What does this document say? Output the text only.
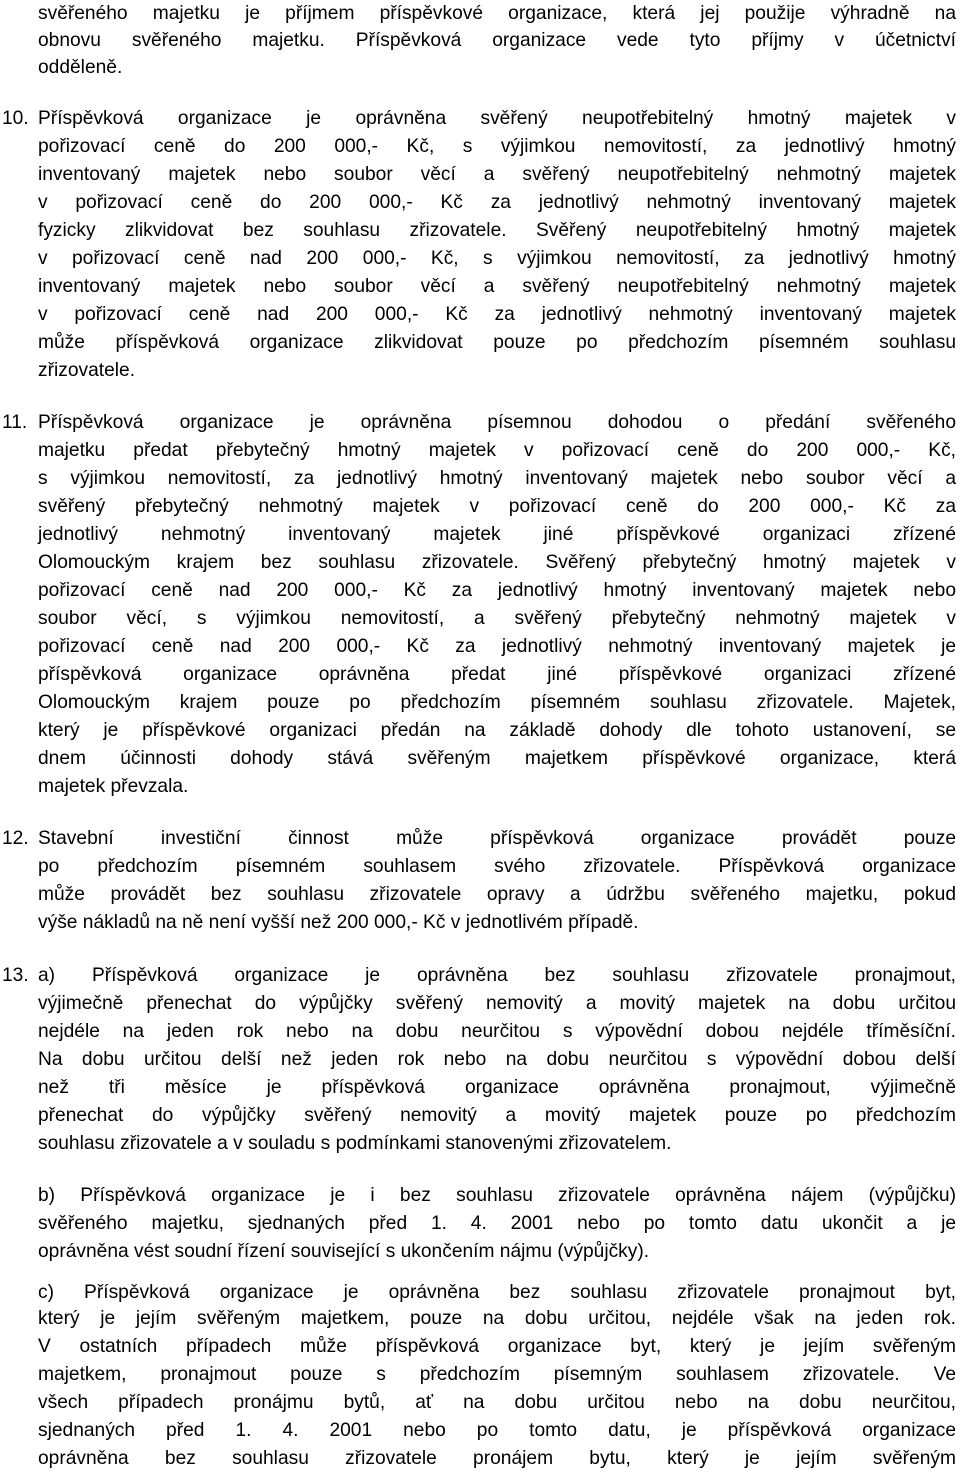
svěřeného majetku je příjmem příspěvkové organizace, která jej použije výhradně na
obnovu svěřeného majetku. Příspěvková organizace vede tyto příjmy v účetnictví
odděleně.
10. Příspěvková organizace je oprávněna svěřený neupotřebitelný hmotný majetek v
pořizovací ceně do 200 000,- Kč, s výjimkou nemovitostí, za jednotlivý hmotný
inventovaný majetek nebo soubor věcí a svěřený neupotřebitelný nehmotný majetek
v pořizovací ceně do 200 000,- Kč za jednotlivý nehmotný inventovaný majetek
fyzicky zlikvidovat bez souhlasu zřizovatele. Svěřený neupotřebitelný hmotný majetek
v pořizovací ceně nad 200 000,- Kč, s výjimkou nemovitostí, za jednotlivý hmotný
inventovaný majetek nebo soubor věcí a svěřený neupotřebitelný nehmotný majetek
v pořizovací ceně nad 200 000,- Kč za jednotlivý nehmotný inventovaný majetek
může příspěvková organizace zlikvidovat pouze po předchozím písemném souhlasu
zřizovatele.
11. Příspěvková organizace je oprávněna písemnou dohodou o předání svěřeného
majetku předat přebytečný hmotný majetek v pořizovací ceně do 200 000,- Kč,
s výjimkou nemovitostí, za jednotlivý hmotný inventovaný majetek nebo soubor věcí a
svěřený přebytečný nehmotný majetek v pořizovací ceně do 200 000,- Kč za
jednotlivý nehmotný inventovaný majetek jiné příspěvkové organizaci zřízené
Olomouckým krajem bez souhlasu zřizovatele. Svěřený přebytečný hmotný majetek v
pořizovací ceně nad 200 000,- Kč za jednotlivý hmotný inventovaný majetek nebo
soubor věcí, s výjimkou nemovitostí, a svěřený přebytečný nehmotný majetek v
pořizovací ceně nad 200 000,- Kč za jednotlivý nehmotný inventovaný majetek je
příspěvková organizace oprávněna předat jiné příspěvkové organizaci zřízené
Olomouckým krajem pouze po předchozím písemném souhlasu zřizovatele. Majetek,
který je příspěvkové organizaci předán na základě dohody dle tohoto ustanovení, se
dnem účinnosti dohody stává svěřeným majetkem příspěvkové organizace, která
majetek převzala.
12. Stavební investiční činnost může příspěvková organizace provádět pouze
po předchozím písemném souhlasem svého zřizovatele. Příspěvková organizace
může provádět bez souhlasu zřizovatele opravy a údržbu svěřeného majetku, pokud
výše nákladů na ně není vyšší než 200 000,- Kč v jednotlivém případě.
13. a) Příspěvková organizace je oprávněna bez souhlasu zřizovatele pronajmout,
výjimečně přenechat do výpůjčky svěřený nemovitý a movitý majetek na dobu určitou
nejdéle na jeden rok nebo na dobu neurčitou s výpovědní dobou nejdéle tříměsíční.
Na dobu určitou delší než jeden rok nebo na dobu neurčitou s výpovědní dobou delší
než tři měsíce je příspěvková organizace oprávněna pronajmout, výjimečně
přenechat do výpůjčky svěřený nemovitý a movitý majetek pouze po předchozím
souhlasu zřizovatele a v souladu s podmínkami stanovenými zřizovatelem.
b) Příspěvková organizace je i bez souhlasu zřizovatele oprávněna nájem (výpůjčku)
svěřeného majetku, sjednaných před 1. 4. 2001 nebo po tomto datu ukončit a je
oprávněna vést soudní řízení související s ukončením nájmu (výpůjčky).
c) Příspěvková organizace je oprávněna bez souhlasu zřizovatele pronajmout byt,
který je jejím svěřeným majetkem, pouze na dobu určitou, nejdéle však na jeden rok.
V ostatních případech může příspěvková organizace byt, který je jejím svěřeným
majetkem, pronajmout pouze s předchozím písemným souhlasem zřizovatele. Ve
všech případech pronájmu bytů, ať na dobu určitou nebo na dobu neurčitou,
sjednaných před 1. 4. 2001 nebo po tomto datu, je příspěvková organizace
oprávněna bez souhlasu zřizovatele pronájem bytu, který je jejím svěřeným
